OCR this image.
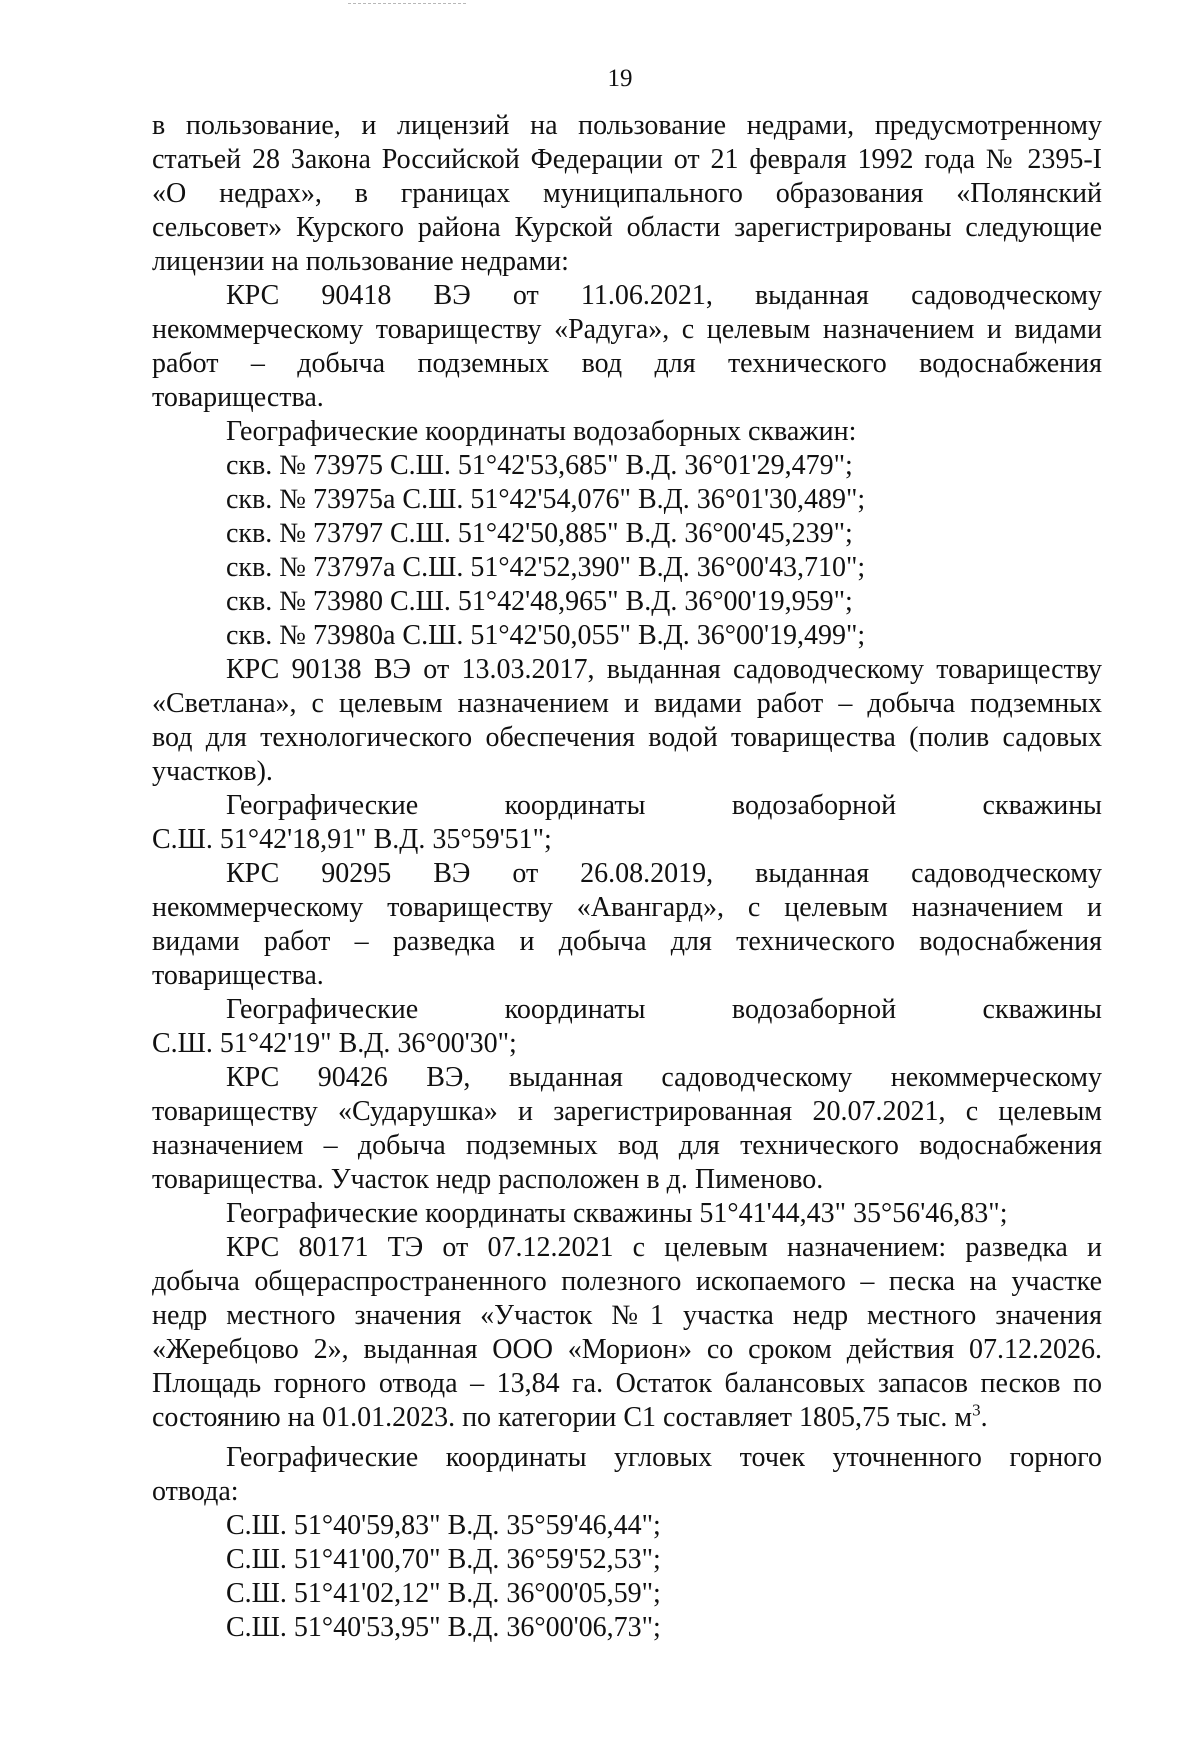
19
в пользование, и лицензий на пользование недрами, предусмотренному
статьей 28 Закона Российской Федерации от 21 февраля 1992 года № 2395-I
«О недрах», в границах муниципального образования «Полянский
сельсовет» Курского района Курской области зарегистрированы следующие
лицензии на пользование недрами:
КРС 90418 ВЭ от 11.06.2021, выданная садоводческому
некоммерческому товариществу «Радуга», с целевым назначением и видами
работ – добыча подземных вод для технического водоснабжения
товарищества.
Географические координаты водозаборных скважин:
скв. № 73975 С.Ш. 51°42'53,685" В.Д. 36°01'29,479";
скв. № 73975а С.Ш. 51°42'54,076" В.Д. 36°01'30,489";
скв. № 73797 С.Ш. 51°42'50,885" В.Д. 36°00'45,239";
скв. № 73797а С.Ш. 51°42'52,390" В.Д. 36°00'43,710";
скв. № 73980 С.Ш. 51°42'48,965" В.Д. 36°00'19,959";
скв. № 73980а С.Ш. 51°42'50,055" В.Д. 36°00'19,499";
КРС 90138 ВЭ от 13.03.2017, выданная садоводческому товариществу
«Светлана», с целевым назначением и видами работ – добыча подземных
вод для технологического обеспечения водой товарищества (полив садовых
участков).
Географические координаты водозаборной скважины
С.Ш. 51°42'18,91" В.Д. 35°59'51";
КРС 90295 ВЭ от 26.08.2019, выданная садоводческому
некоммерческому товариществу «Авангард», с целевым назначением и
видами работ – разведка и добыча для технического водоснабжения
товарищества.
Географические координаты водозаборной скважины
С.Ш. 51°42'19" В.Д. 36°00'30";
КРС 90426 ВЭ, выданная садоводческому некоммерческому
товариществу «Сударушка» и зарегистрированная 20.07.2021, с целевым
назначением – добыча подземных вод для технического водоснабжения
товарищества. Участок недр расположен в д. Пименово.
Географические координаты скважины 51°41'44,43" 35°56'46,83";
КРС 80171 ТЭ от 07.12.2021 с целевым назначением: разведка и
добыча общераспространенного полезного ископаемого – песка на участке
недр местного значения «Участок №1 участка недр местного значения
«Жеребцово 2», выданная ООО «Морион» со сроком действия 07.12.2026.
Площадь горного отвода – 13,84 га. Остаток балансовых запасов песков по
состоянию на 01.01.2023. по категории С1 составляет 1805,75 тыс. $м^3$.
Географические координаты угловых точек уточненного горного
отвода:
С.Ш. 51°40'59,83" В.Д. 35°59'46,44";
С.Ш. 51°41'00,70" В.Д. 36°59'52,53";
С.Ш. 51°41'02,12" В.Д. 36°00'05,59";
С.Ш. 51°40'53,95" В.Д. 36°00'06,73";
